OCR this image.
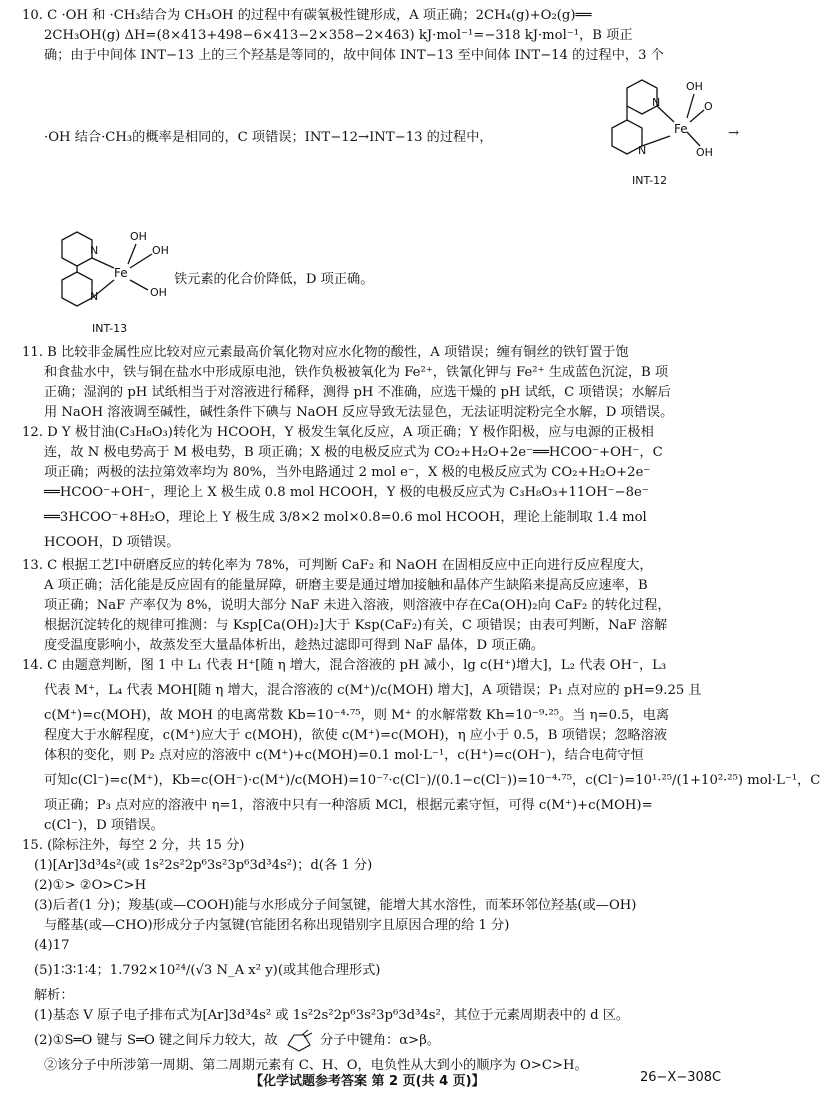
10. C ·OH 和 ·CH₃结合为 CH₃OH 的过程中有碳氧极性键形成，A 项正确；2CH₄(g)+O₂(g)══
2CH₃OH(g) ΔH=(8×413+498−6×413−2×358−2×463) kJ·mol⁻¹=−318 kJ·mol⁻¹，B 项正
确；由于中间体 INT−13 上的三个羟基是等同的，故中间体 INT−13 至中间体 INT−14 的过程中，3 个
·OH 结合·CH₃的概率是相同的，C 项错误；INT−12→INT−13 的过程中，
N
N
Fe
OH
O
OH
INT-12
→
N
N
Fe
OH
OH
OH
INT-13
铁元素的化合价降低，D 项正确。
11. B 比较非金属性应比较对应元素最高价氧化物对应水化物的酸性，A 项错误；缠有铜丝的铁钉置于饱
和食盐水中，铁与铜在盐水中形成原电池，铁作负极被氧化为 Fe²⁺，铁氰化钾与 Fe²⁺ 生成蓝色沉淀，B 项
正确；湿润的 pH 试纸相当于对溶液进行稀释，测得 pH 不准确，应选干燥的 pH 试纸，C 项错误；水解后
用 NaOH 溶液调至碱性，碱性条件下碘与 NaOH 反应导致无法显色，无法证明淀粉完全水解，D 项错误。
12. D Y 极甘油(C₃H₈O₃)转化为 HCOOH，Y 极发生氧化反应，A 项正确；Y 极作阳极，应与电源的正极相
连，故 N 极电势高于 M 极电势，B 项正确；X 极的电极反应式为 CO₂+H₂O+2e⁻══HCOO⁻+OH⁻，C
项正确；两极的法拉第效率均为 80%，当外电路通过 2 mol e⁻，X 极的电极反应式为 CO₂+H₂O+2e⁻
══HCOO⁻+OH⁻，理论上 X 极生成 0.8 mol HCOOH，Y 极的电极反应式为 C₃H₈O₃+11OH⁻−8e⁻
══3HCOO⁻+8H₂O，理论上 Y 极生成 3/8×2 mol×0.8=0.6 mol HCOOH，理论上能制取 1.4 mol
HCOOH，D 项错误。
13. C 根据工艺Ⅰ中研磨反应的转化率为 78%，可判断 CaF₂ 和 NaOH 在固相反应中正向进行反应程度大，
A 项正确；活化能是反应固有的能量屏障，研磨主要是通过增加接触和晶体产生缺陷来提高反应速率，B
项正确；NaF 产率仅为 8%，说明大部分 NaF 未进入溶液，则溶液中存在Ca(OH)₂向 CaF₂ 的转化过程，
根据沉淀转化的规律可推测：与 Ksp[Ca(OH)₂]大于 Ksp(CaF₂)有关，C 项错误；由表可判断，NaF 溶解
度受温度影响小，故蒸发至大量晶体析出，趁热过滤即可得到 NaF 晶体，D 项正确。
14. C 由题意判断，图 1 中 L₁ 代表 H⁺[随 η 增大，混合溶液的 pH 减小，lg c(H⁺)增大]，L₂ 代表 OH⁻，L₃
代表 M⁺，L₄ 代表 MOH[随 η 增大，混合溶液的 c(M⁺)/c(MOH) 增大]，A 项错误；P₁ 点对应的 pH=9.25 且
c(M⁺)=c(MOH)，故 MOH 的电离常数 Kb=10⁻⁴·⁷⁵，则 M⁺ 的水解常数 Kh=10⁻⁹·²⁵。当 η=0.5，电离
程度大于水解程度，c(M⁺)应大于 c(MOH)，欲使 c(M⁺)=c(MOH)，η 应小于 0.5，B 项错误；忽略溶液
体积的变化，则 P₂ 点对应的溶液中 c(M⁺)+c(MOH)=0.1 mol·L⁻¹，c(H⁺)=c(OH⁻)，结合电荷守恒
可知c(Cl⁻)=c(M⁺)，Kb=c(OH⁻)·c(M⁺)/c(MOH)=10⁻⁷·c(Cl⁻)/(0.1−c(Cl⁻))=10⁻⁴·⁷⁵，c(Cl⁻)=10¹·²⁵/(1+10²·²⁵) mol·L⁻¹，C
项正确；P₃ 点对应的溶液中 η=1，溶液中只有一种溶质 MCl，根据元素守恒，可得 c(M⁺)+c(MOH)=
c(Cl⁻)，D 项错误。
15. (除标注外，每空 2 分，共 15 分)
(1)[Ar]3d³4s²(或 1s²2s²2p⁶3s²3p⁶3d³4s²)；d(各 1 分)
(2)①> ②O>C>H
(3)后者(1 分)；羧基(或—COOH)能与水形成分子间氢键，能增大其水溶性，而苯环邻位羟基(或—OH)
与醛基(或—CHO)形成分子内氢键(官能团名称出现错别字且原因合理的给 1 分)
(4)17
(5)1∶3∶1∶4；1.792×10²⁴/(√3 N_A x² y)(或其他合理形式)
解析：
(1)基态 V 原子电子排布式为[Ar]3d³4s² 或 1s²2s²2p⁶3s²3p⁶3d³4s²，其位于元素周期表中的 d 区。
(2)①S═O 键与 S═O 键之间斥力较大，故	分子中键角：α>β。
②该分子中所涉第一周期、第二周期元素有 C、H、O，电负性从大到小的顺序为 O>C>H。
【化学试题参考答案 第 2 页(共 4 页)】	26−X−308C
